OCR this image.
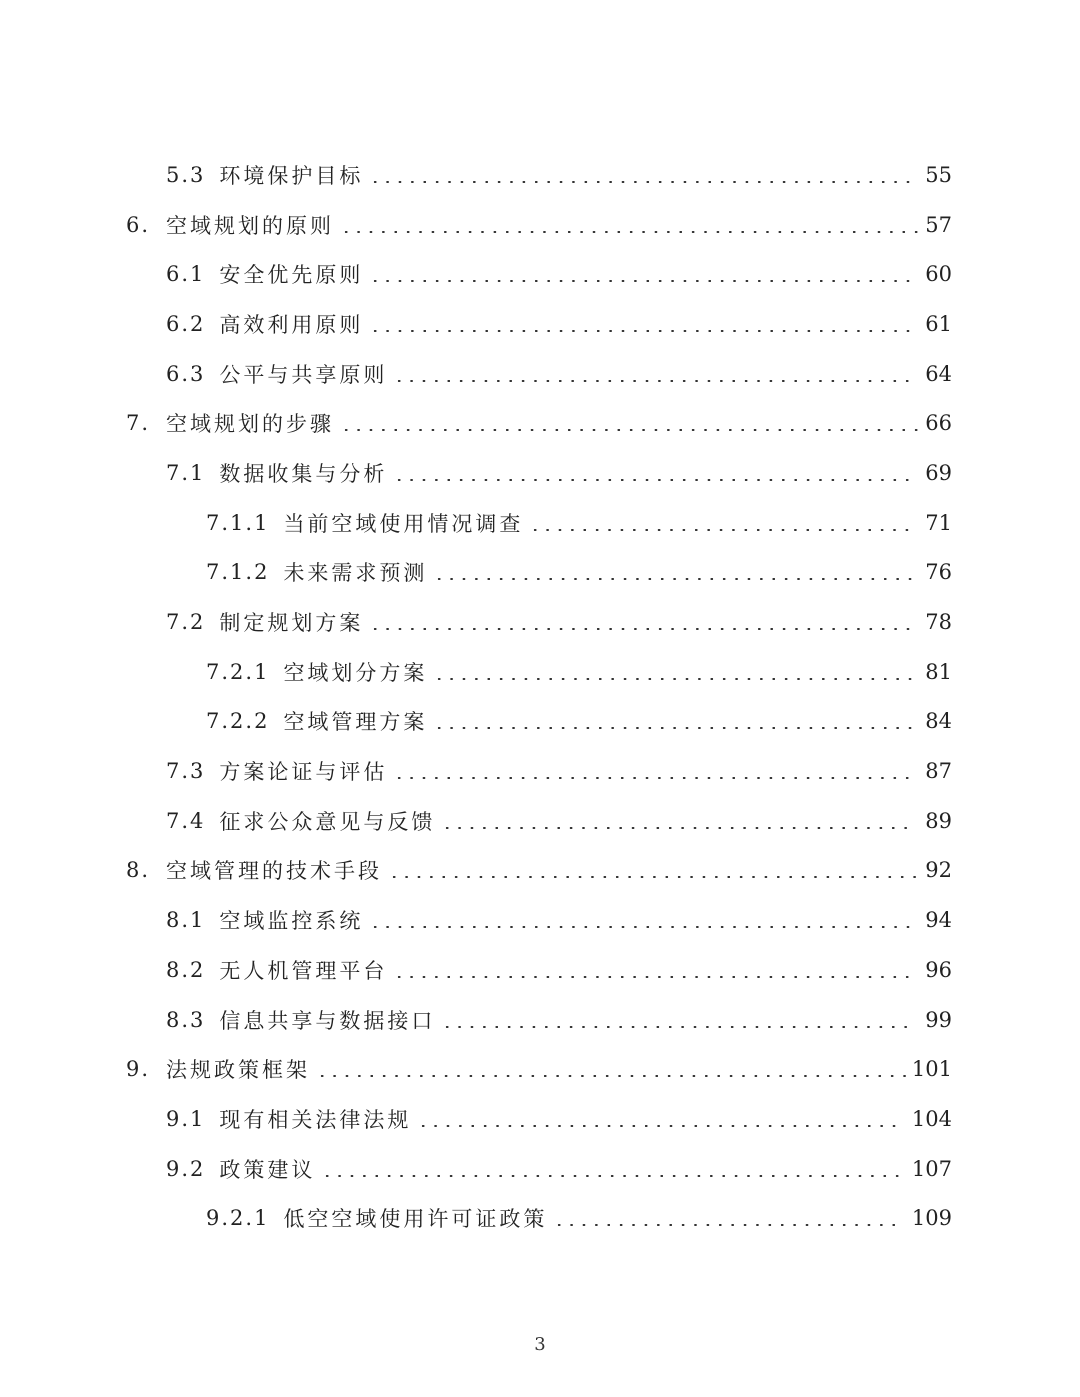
5.3 环境保护目标	55
6. 空域规划的原则	57
6.1 安全优先原则	60
6.2 高效利用原则	61
6.3 公平与共享原则	64
7. 空域规划的步骤	66
7.1 数据收集与分析	69
7.1.1 当前空域使用情况调查	71
7.1.2 未来需求预测	76
7.2 制定规划方案	78
7.2.1 空域划分方案	81
7.2.2 空域管理方案	84
7.3 方案论证与评估	87
7.4 征求公众意见与反馈	89
8. 空域管理的技术手段	92
8.1 空域监控系统	94
8.2 无人机管理平台	96
8.3 信息共享与数据接口	99
9. 法规政策框架	101
9.1 现有相关法律法规	104
9.2 政策建议	107
9.2.1 低空空域使用许可证政策	109
3
